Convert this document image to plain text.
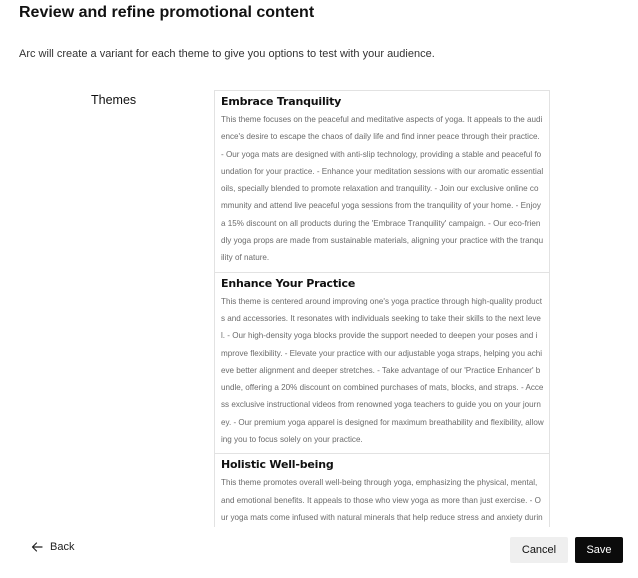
Review and refine promotional content
Arc will create a variant for each theme to give you options to test with your audience.
Themes	Embrace Tranquility
This theme focuses on the peaceful and meditative aspects of yoga. It appeals to the audience's desire to escape the chaos of daily life and find inner peace through their practice. - Our yoga mats are designed with anti-slip technology, providing a stable and peaceful foundation for your practice. - Enhance your meditation sessions with our aromatic essential oils, specially blended to promote relaxation and tranquility. - Join our exclusive online community and attend live peaceful yoga sessions from the tranquility of your home. - Enjoy a 15% discount on all products during the 'Embrace Tranquility' campaign. - Our eco-friendly yoga props are made from sustainable materials, aligning your practice with the tranquility of nature.
Enhance Your Practice
This theme is centered around improving one's yoga practice through high-quality products and accessories. It resonates with individuals seeking to take their skills to the next level. - Our high-density yoga blocks provide the support needed to deepen your poses and improve flexibility. - Elevate your practice with our adjustable yoga straps, helping you achieve better alignment and deeper stretches. - Take advantage of our 'Practice Enhancer' bundle, offering a 20% discount on combined purchases of mats, blocks, and straps. - Access exclusive instructional videos from renowned yoga teachers to guide you on your journey. - Our premium yoga apparel is designed for maximum breathability and flexibility, allowing you to focus solely on your practice.
Holistic Well-being
This theme promotes overall well-being through yoga, emphasizing the physical, mental, and emotional benefits. It appeals to those who view yoga as more than just exercise. - Our yoga mats come infused with natural minerals that help reduce stress and anxiety durin
Back	Cancel	Save
